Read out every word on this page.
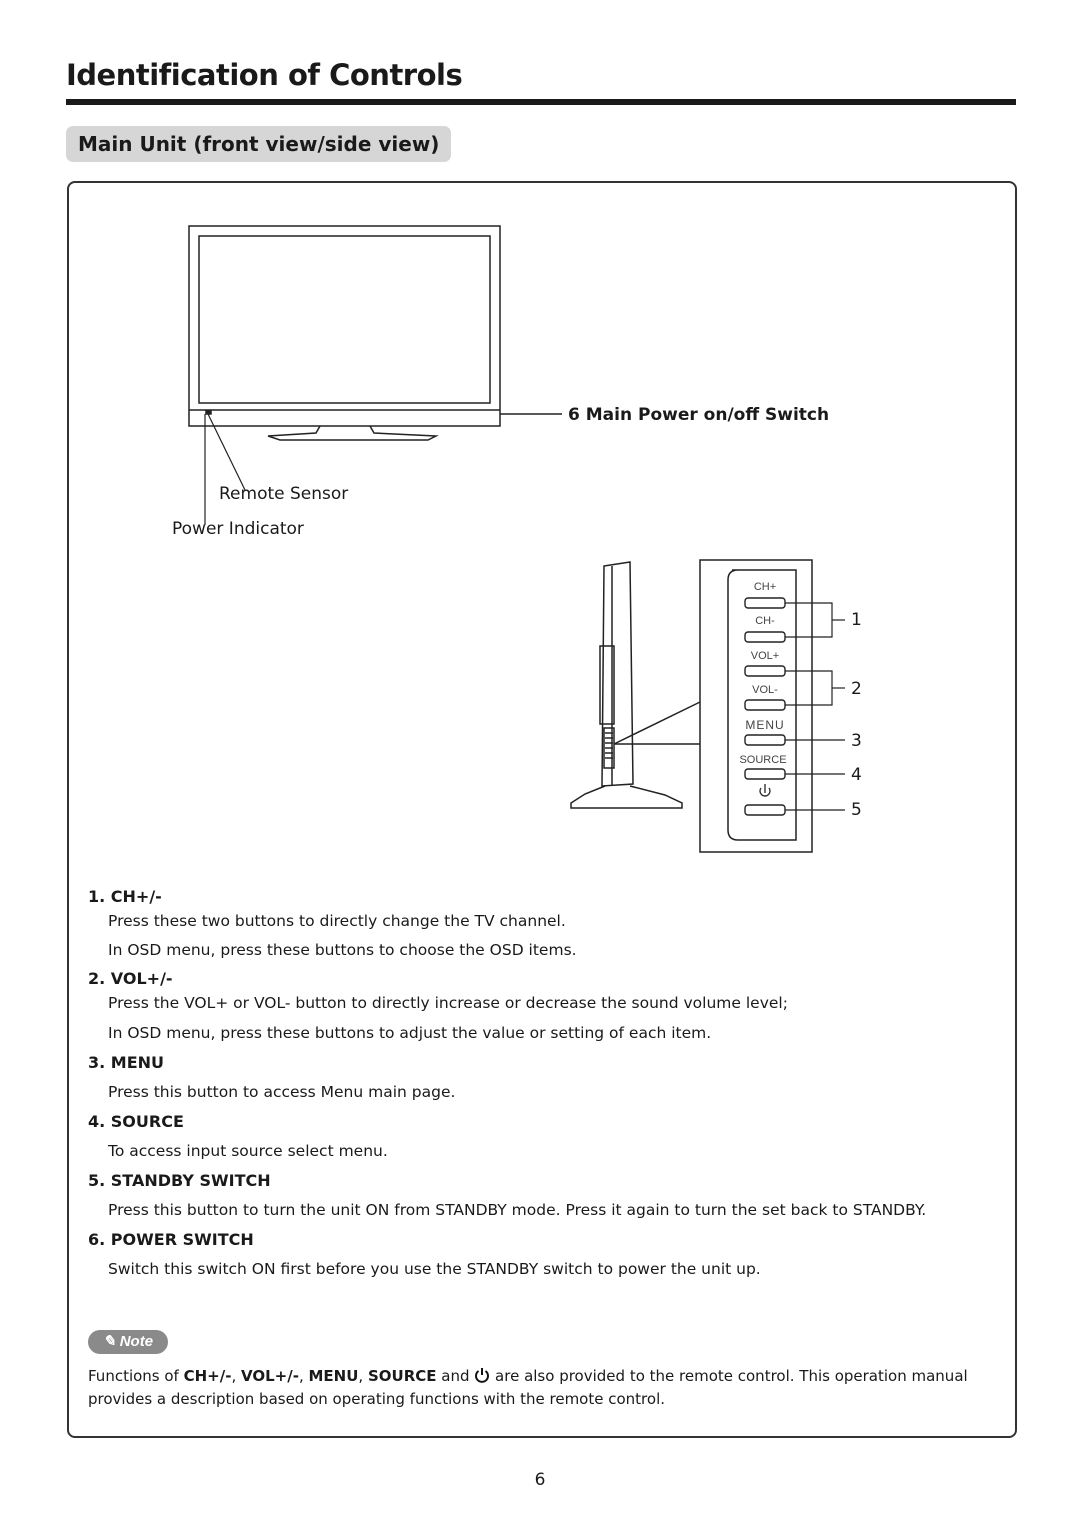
Identification of Controls
Main Unit (front view/side view)
6 Main Power on/off Switch
Remote Sensor
Power Indicator
CH+
CH-
VOL+
VOL-
MENU
SOURCE
1
2
3
4
5
1. CH+/-
Press these two buttons to directly change the TV channel.
In OSD menu, press these buttons to choose the OSD items.
2. VOL+/-
Press the VOL+ or VOL- button to directly increase or decrease the sound volume level;
In OSD menu, press these buttons to adjust the value or setting of each item.
3. MENU
Press this button to access Menu main page.
4. SOURCE
To access input source select menu.
5. STANDBY SWITCH
Press this button to turn the unit ON from STANDBY mode. Press it again to turn the set back to STANDBY.
6. POWER SWITCH
Switch this switch ON first before you use the STANDBY switch to power the unit up.
✎ Note
Functions of CH+/-, VOL+/-, MENU, SOURCE and  are also provided to the remote control. This operation manual provides a description based on operating functions with the remote control.
6
